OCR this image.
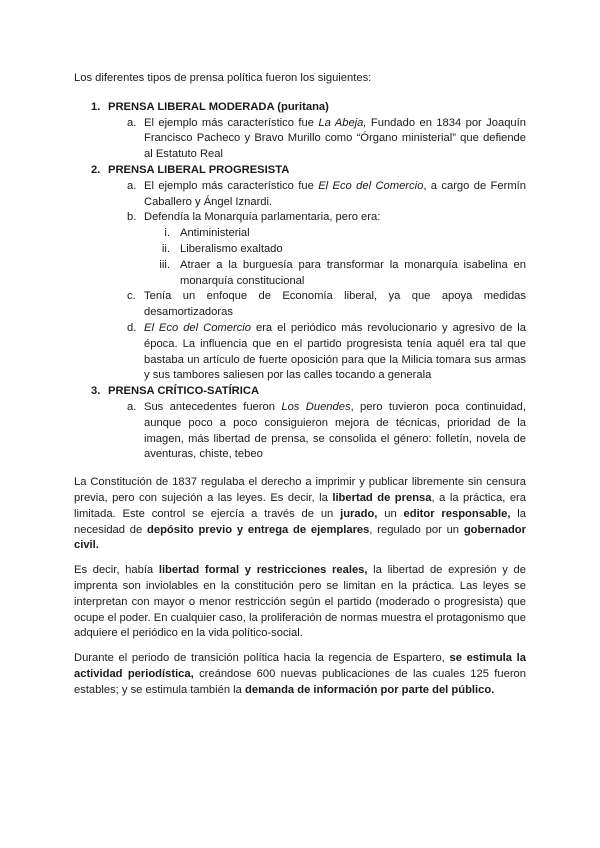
Los diferentes tipos de prensa política fueron los siguientes:

1. PRENSA LIBERAL MODERADA (puritana)
a. El ejemplo más característico fue La Abeja, Fundado en 1834 por Joaquín Francisco Pacheco y Bravo Murillo como “Órgano ministerial” que defiende al Estatuto Real
2. PRENSA LIBERAL PROGRESISTA
a. El ejemplo más característico fue El Eco del Comercio, a cargo de Fermín Caballero y Ángel Iznardi.
b. Defendía la Monarquía parlamentaria, pero era:
i. Antiministerial
ii. Liberalismo exaltado
iii. Atraer a la burguesía para transformar la monarquía isabelina en monarquía constitucional
c. Tenía un enfoque de Economía liberal, ya que apoya medidas desamortizadoras
d. El Eco del Comercio era el periódico más revolucionario y agresivo de la época. La influencia que en el partido progresista tenía aquél era tal que bastaba un artículo de fuerte oposición para que la Milicia tomara sus armas y sus tambores saliesen por las calles tocando a generala
3. PRENSA CRÍTICO-SATÍRICA
a. Sus antecedentes fueron Los Duendes, pero tuvieron poca continuidad, aunque poco a poco consiguieron mejora de técnicas, prioridad de la imagen, más libertad de prensa, se consolida el género: folletín, novela de aventuras, chiste, tebeo

La Constitución de 1837 regulaba el derecho a imprimir y publicar libremente sin censura previa, pero con sujeción a las leyes. Es decir, la libertad de prensa, a la práctica, era limitada. Este control se ejercía a través de un jurado, un editor responsable, la necesidad de depósito previo y entrega de ejemplares, regulado por un gobernador civil.

Es decir, había libertad formal y restricciones reales, la libertad de expresión y de imprenta son inviolables en la constitución pero se limitan en la práctica. Las leyes se interpretan con mayor o menor restricción según el partido (moderado o progresista) que ocupe el poder. En cualquier caso, la proliferación de normas muestra el protagonismo que adquiere el periódico en la vida político-social.

Durante el periodo de transición política hacia la regencia de Espartero, se estimula la actividad periodística, creándose 600 nuevas publicaciones de las cuales 125 fueron estables; y se estimula también la demanda de información por parte del público.
